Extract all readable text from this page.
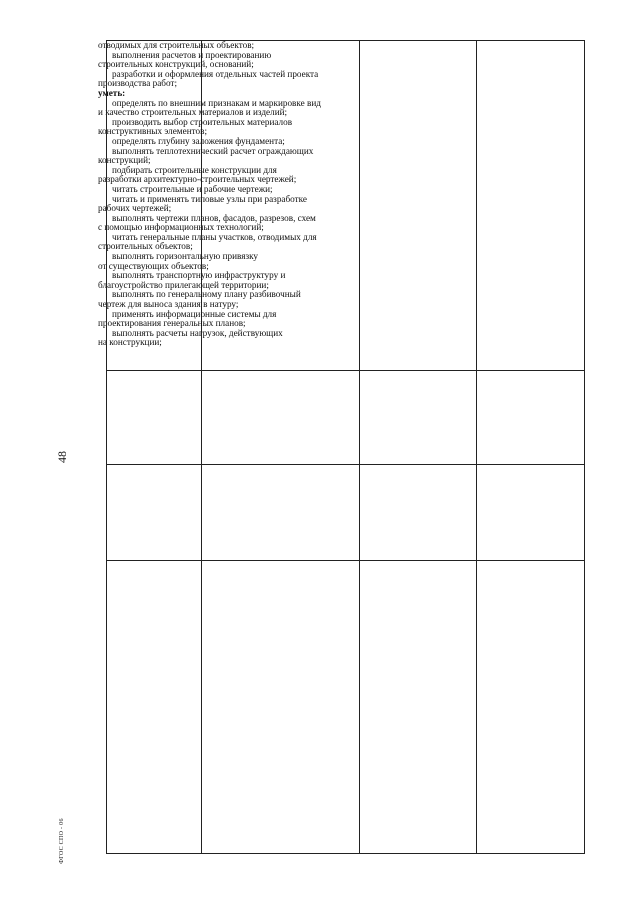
48
ФГОС СПО - 06
отводимых для строительных объектов;
выполнения расчетов и проектированию
строительных конструкций, оснований;
разработки и оформления отдельных частей проекта
производства работ;
уметь:
определять по внешним признакам и маркировке вид
и качество строительных материалов и изделий;
производить выбор строительных материалов
конструктивных элементов;
определять глубину заложения фундамента;
выполнять теплотехнический расчет ограждающих
конструкций;
подбирать строительные конструкции для
разработки архитектурно-строительных чертежей;
читать строительные и рабочие чертежи;
читать и применять типовые узлы при разработке
рабочих чертежей;
выполнять чертежи планов, фасадов, разрезов, схем
с помощью информационных технологий;
читать генеральные планы участков, отводимых для
строительных объектов;
выполнять горизонтальную привязку
от существующих объектов;
выполнять транспортную инфраструктуру и
благоустройство прилегающей территории;
выполнять по генеральному плану разбивочный
чертеж для выноса здания в натуру;
применять информационные системы для
проектирования генеральных планов;
выполнять расчеты нагрузок, действующих
на конструкции;
